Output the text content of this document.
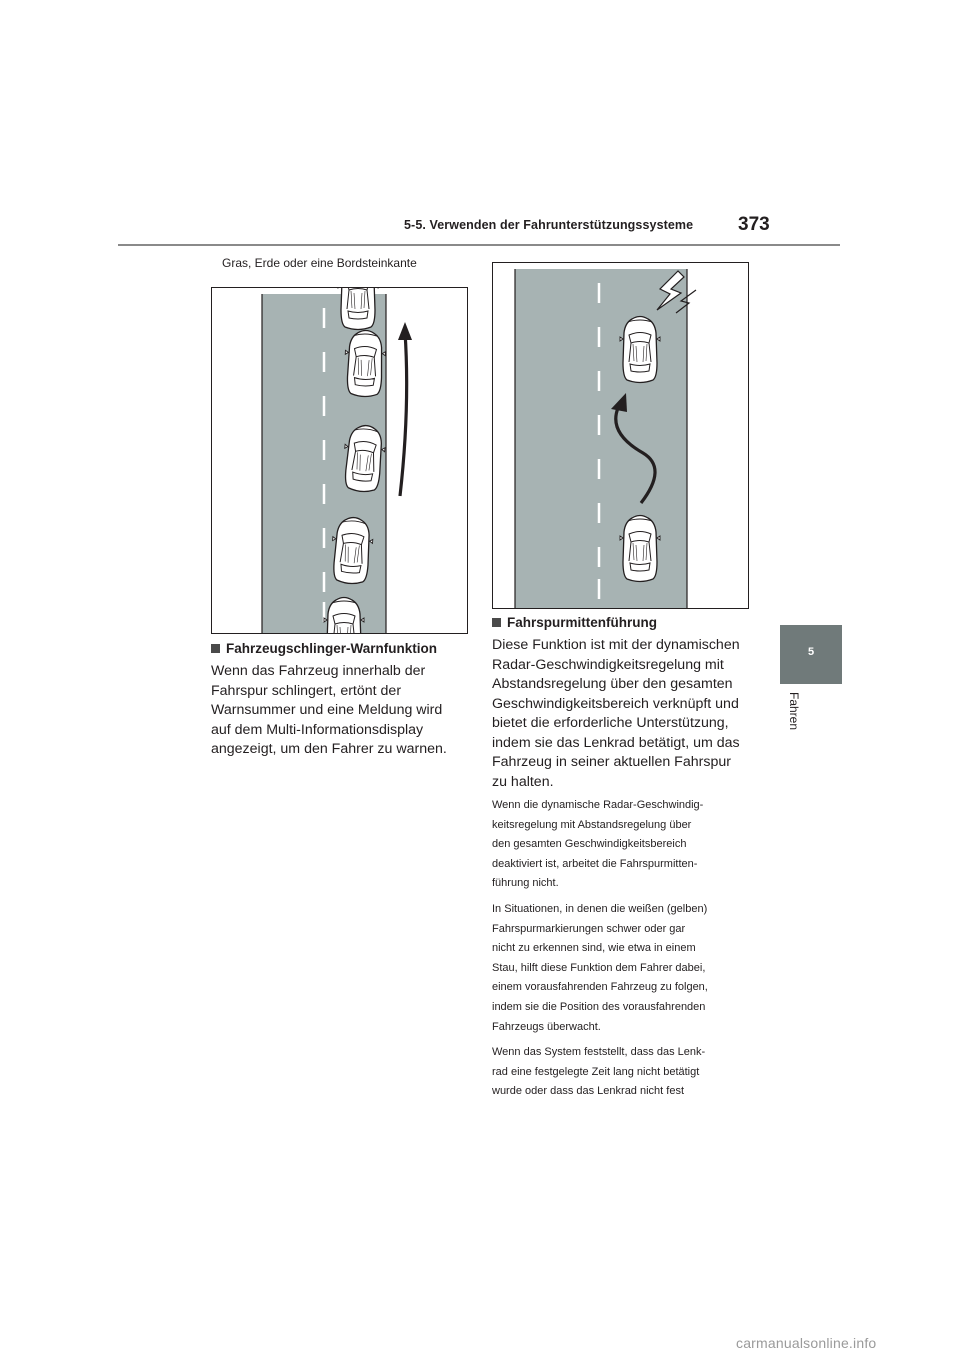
5-5. Verwenden der Fahrunterstützungssysteme 373
5
Fahren
Gras, Erde oder eine Bordsteinkante
Fahrzeugschlinger-Warnfunktion
Wenn das Fahrzeug innerhalb der
Fahrspur schlingert, ertönt der
Warnsummer und eine Meldung wird
auf dem Multi-Informationsdisplay
angezeigt, um den Fahrer zu warnen.
Fahrspurmittenführung
Diese Funktion ist mit der dynamischen
Radar-Geschwindigkeitsregelung mit
Abstandsregelung über den gesamten
Geschwindigkeitsbereich verknüpft und
bietet die erforderliche Unterstützung,
indem sie das Lenkrad betätigt, um das
Fahrzeug in seiner aktuellen Fahrspur
zu halten.
Wenn die dynamische Radar-Geschwindig-
keitsregelung mit Abstandsregelung über
den gesamten Geschwindigkeitsbereich
deaktiviert ist, arbeitet die Fahrspurmitten-
führung nicht.
In Situationen, in denen die weißen (gelben)
Fahrspurmarkierungen schwer oder gar
nicht zu erkennen sind, wie etwa in einem
Stau, hilft diese Funktion dem Fahrer dabei,
einem vorausfahrenden Fahrzeug zu folgen,
indem sie die Position des vorausfahrenden
Fahrzeugs überwacht.
Wenn das System feststellt, dass das Lenk-
rad eine festgelegte Zeit lang nicht betätigt
wurde oder dass das Lenkrad nicht fest
carmanualsonline.info
